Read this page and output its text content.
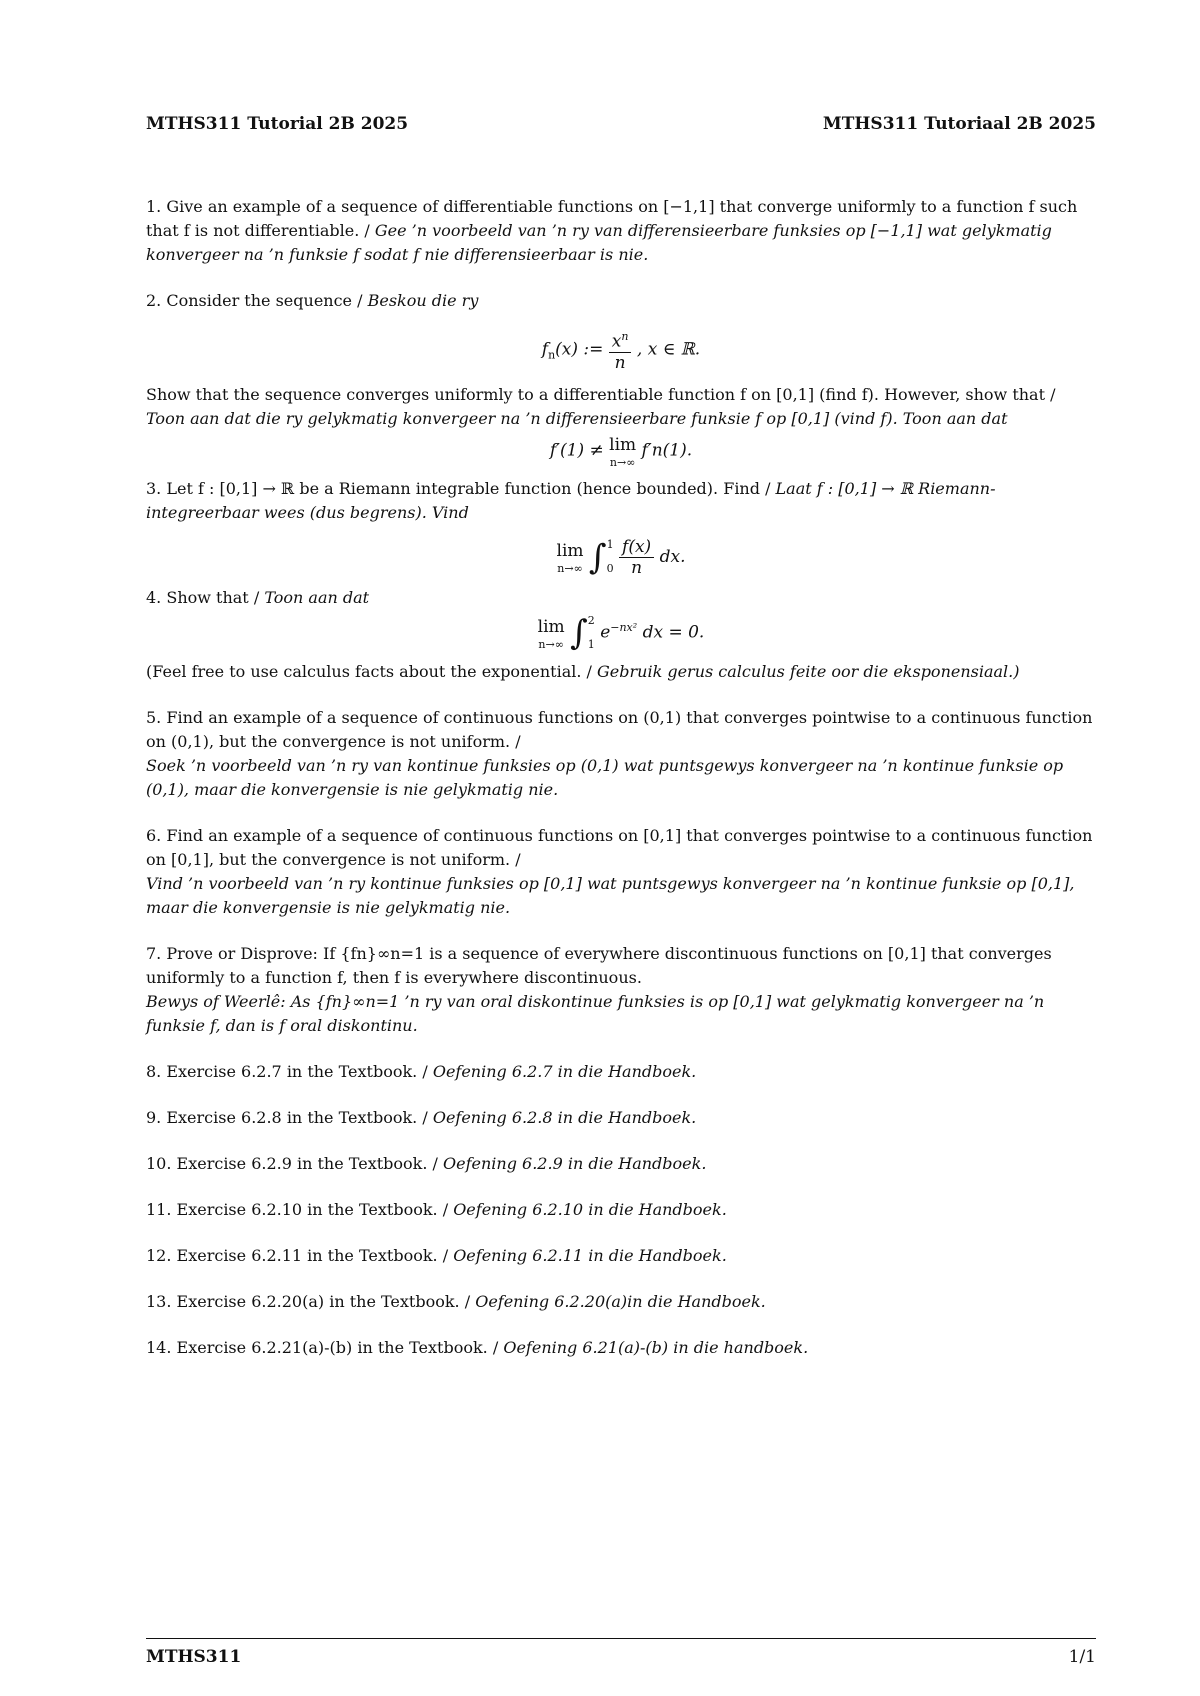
MTHS311 Tutorial 2B 2025	MTHS311 Tutoriaal 2B 2025
1. Give an example of a sequence of differentiable functions on [−1,1] that converge uniformly to a function f such that f is not differentiable. / Gee ’n voorbeeld van ’n ry van differensieerbare funksies op [−1,1] wat gelykmatig konvergeer na ’n funksie f sodat f nie differensieerbaar is nie.
2. Consider the sequence / Beskou die ry
$f_n(x)$ := $\frac{x^n}{n}$ , x ∈ ℝ.
Show that the sequence converges uniformly to a differentiable function f on [0,1] (find f). However, show that / Toon aan dat die ry gelykmatig konvergeer na ’n differensieerbare funksie f op [0,1] (vind f). Toon aan dat
f′(1) ≠ lim
n→∞
f′n(1).
3. Let f : [0,1] → ℝ be a Riemann integrable function (hence bounded). Find / Laat f : [0,1] → ℝ Riemann-integreerbaar wees (dus begrens). Vind
lim
n→∞ ∫ 1
0
$\frac{f(x)}{n}$ dx.
4. Show that / Toon aan dat
lim
n→∞ ∫ 2
1
$e^{-nx^2}$ dx = 0.
(Feel free to use calculus facts about the exponential. / Gebruik gerus calculus feite oor die eksponensiaal.)
5. Find an example of a sequence of continuous functions on (0,1) that converges pointwise to a continuous function on (0,1), but the convergence is not uniform. /
Soek ’n voorbeeld van ’n ry van kontinue funksies op (0,1) wat puntsgewys konvergeer na ’n kontinue funksie op (0,1), maar die konvergensie is nie gelykmatig nie.
6. Find an example of a sequence of continuous functions on [0,1] that converges pointwise to a continuous function on [0,1], but the convergence is not uniform. /
Vind ’n voorbeeld van ’n ry kontinue funksies op [0,1] wat puntsgewys konvergeer na ’n kontinue funksie op [0,1], maar die konvergensie is nie gelykmatig nie.
7. Prove or Disprove: If {fn}∞n=1 is a sequence of everywhere discontinuous functions on [0,1] that converges uniformly to a function f, then f is everywhere discontinuous.
Bewys of Weerlê: As {fn}∞n=1 ’n ry van oral diskontinue funksies is op [0,1] wat gelykmatig konvergeer na ’n funksie f, dan is f oral diskontinu.
8. Exercise 6.2.7 in the Textbook. / Oefening 6.2.7 in die Handboek.
9. Exercise 6.2.8 in the Textbook. / Oefening 6.2.8 in die Handboek.
10. Exercise 6.2.9 in the Textbook. / Oefening 6.2.9 in die Handboek.
11. Exercise 6.2.10 in the Textbook. / Oefening 6.2.10 in die Handboek.
12. Exercise 6.2.11 in the Textbook. / Oefening 6.2.11 in die Handboek.
13. Exercise 6.2.20(a) in the Textbook. / Oefening 6.2.20(a)in die Handboek.
14. Exercise 6.2.21(a)-(b) in the Textbook. / Oefening 6.21(a)-(b) in die handboek.
MTHS311	1/1
